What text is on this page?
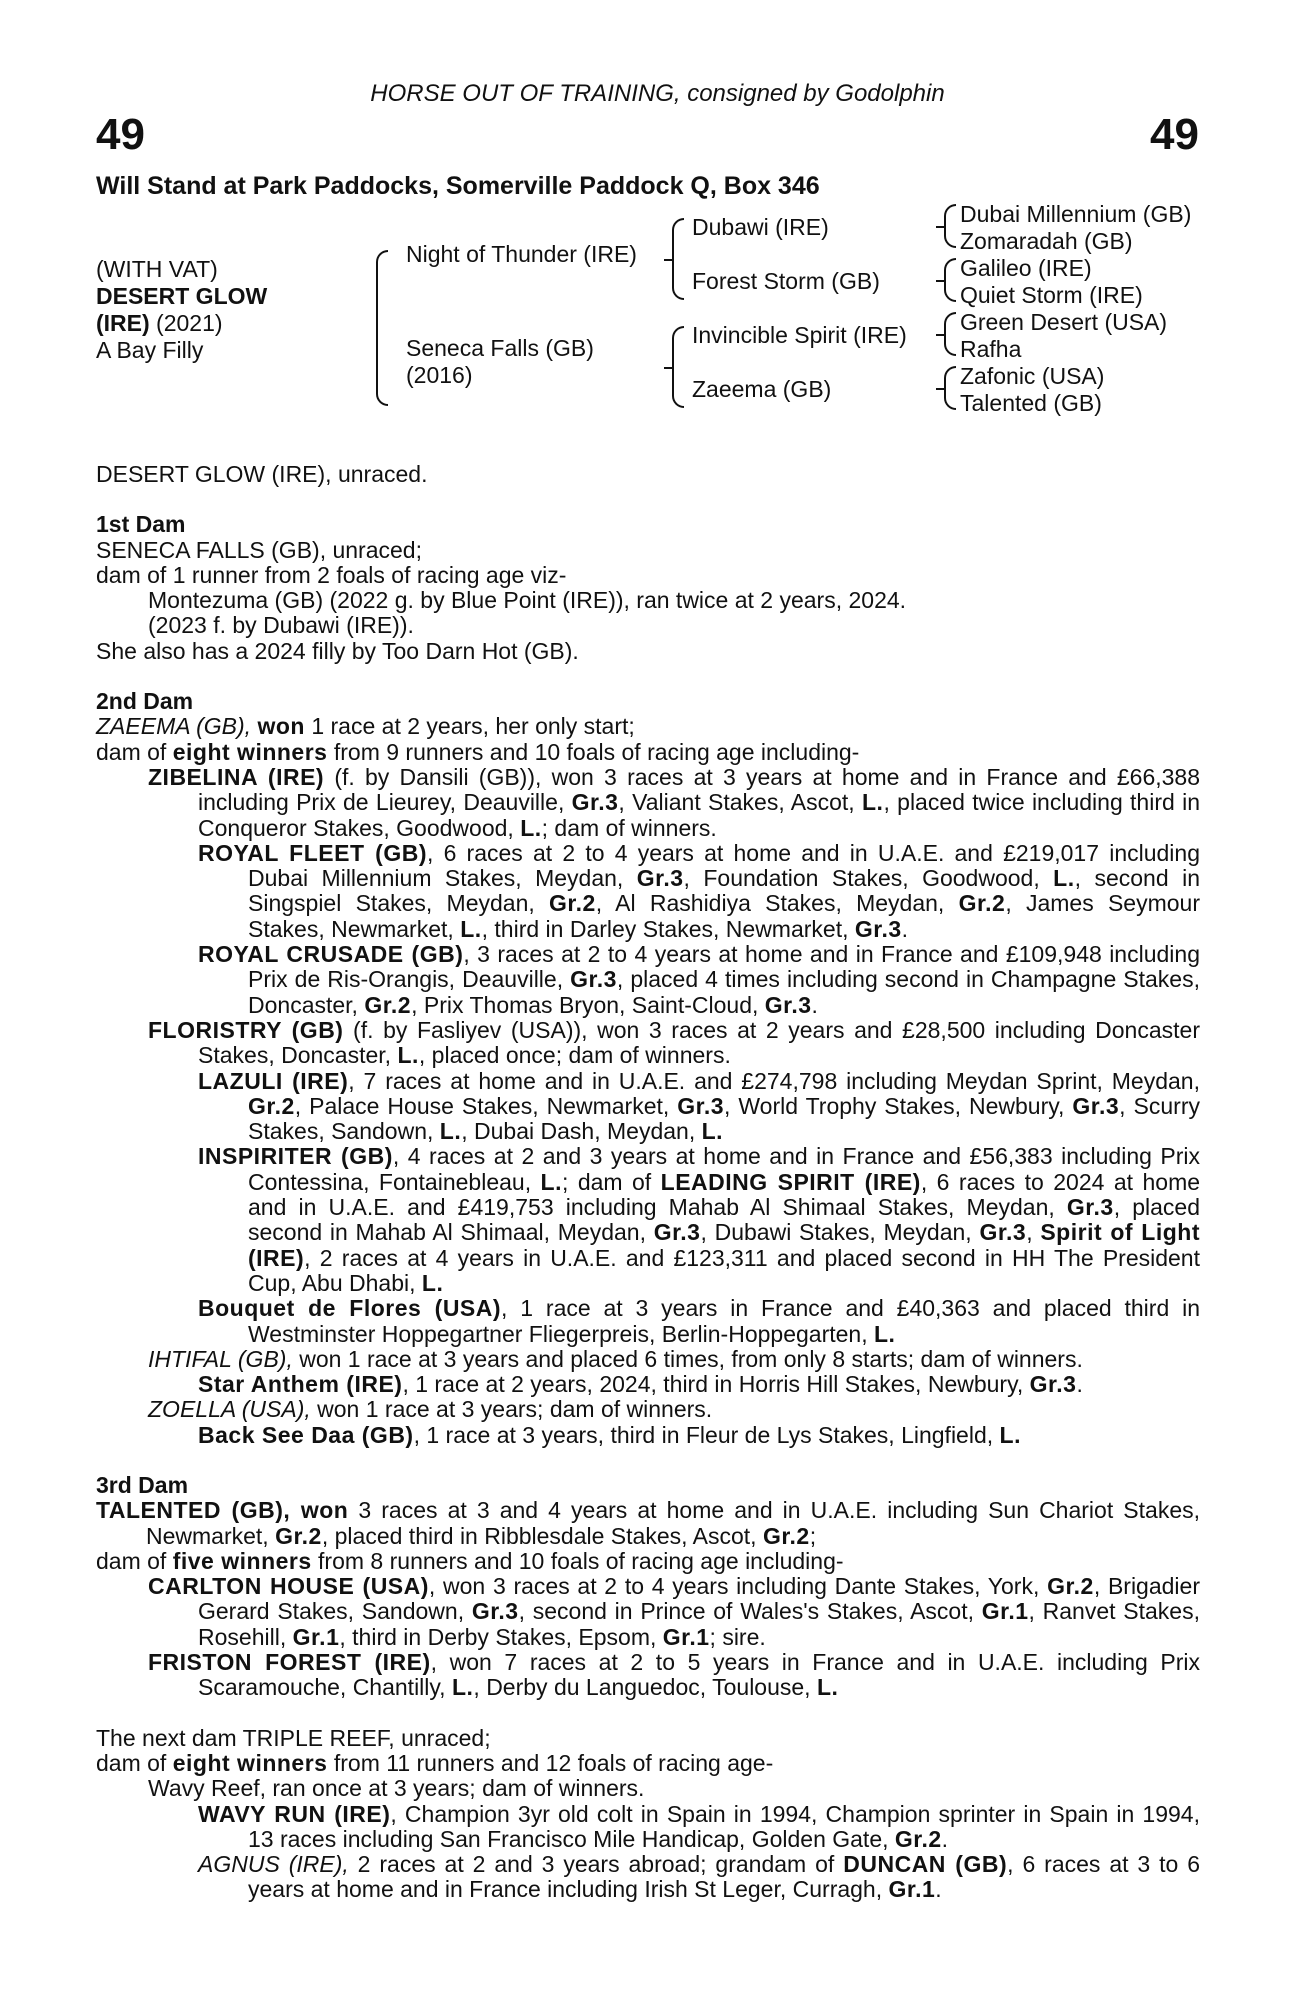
HORSE OUT OF TRAINING, consigned by Godolphin
49	49
Will Stand at Park Paddocks, Somerville Paddock Q, Box 346
(WITH VAT)
DESERT GLOW
(IRE) (2021)
A Bay Filly
Night of Thunder (IRE)
Seneca Falls (GB)
(2016)
Dubawi (IRE)
Forest Storm (GB)
Invincible Spirit (IRE)
Zaeema (GB)
Dubai Millennium (GB)
Zomaradah (GB)
Galileo (IRE)
Quiet Storm (IRE)
Green Desert (USA)
Rafha
Zafonic (USA)
Talented (GB)

DESERT GLOW (IRE), unraced.

1st Dam

SENECA FALLS (GB), unraced;

dam of 1 runner from 2 foals of racing age viz-

Montezuma (GB) (2022 g. by Blue Point (IRE)), ran twice at 2 years, 2024.

(2023 f. by Dubawi (IRE)).

She also has a 2024 filly by Too Darn Hot (GB).

2nd Dam

ZAEEMA (GB), won 1 race at 2 years, her only start;

dam of eight winners from 9 runners and 10 foals of racing age including-

ZIBELINA (IRE) (f. by Dansili (GB)), won 3 races at 3 years at home and in France and £66,388 including Prix de Lieurey, Deauville, Gr.3, Valiant Stakes, Ascot, L., placed twice including third in Conqueror Stakes, Goodwood, L.; dam of winners.

ROYAL FLEET (GB), 6 races at 2 to 4 years at home and in U.A.E. and £219,017 including Dubai Millennium Stakes, Meydan, Gr.3, Foundation Stakes, Goodwood, L., second in Singspiel Stakes, Meydan, Gr.2, Al Rashidiya Stakes, Meydan, Gr.2, James Seymour Stakes, Newmarket, L., third in Darley Stakes, Newmarket, Gr.3.

ROYAL CRUSADE (GB), 3 races at 2 to 4 years at home and in France and £109,948 including Prix de Ris-Orangis, Deauville, Gr.3, placed 4 times including second in Champagne Stakes, Doncaster, Gr.2, Prix Thomas Bryon, Saint-Cloud, Gr.3.

FLORISTRY (GB) (f. by Fasliyev (USA)), won 3 races at 2 years and £28,500 including Doncaster Stakes, Doncaster, L., placed once; dam of winners.

LAZULI (IRE), 7 races at home and in U.A.E. and £274,798 including Meydan Sprint, Meydan, Gr.2, Palace House Stakes, Newmarket, Gr.3, World Trophy Stakes, Newbury, Gr.3, Scurry Stakes, Sandown, L., Dubai Dash, Meydan, L.

INSPIRITER (GB), 4 races at 2 and 3 years at home and in France and £56,383 including Prix Contessina, Fontainebleau, L.; dam of LEADING SPIRIT (IRE), 6 races to 2024 at home and in U.A.E. and £419,753 including Mahab Al Shimaal Stakes, Meydan, Gr.3, placed second in Mahab Al Shimaal, Meydan, Gr.3, Dubawi Stakes, Meydan, Gr.3, Spirit of Light (IRE), 2 races at 4 years in U.A.E. and £123,311 and placed second in HH The President Cup, Abu Dhabi, L.

Bouquet de Flores (USA), 1 race at 3 years in France and £40,363 and placed third in Westminster Hoppegartner Fliegerpreis, Berlin-Hoppegarten, L.

IHTIFAL (GB), won 1 race at 3 years and placed 6 times, from only 8 starts; dam of winners.

Star Anthem (IRE), 1 race at 2 years, 2024, third in Horris Hill Stakes, Newbury, Gr.3.

ZOELLA (USA), won 1 race at 3 years; dam of winners.

Back See Daa (GB), 1 race at 3 years, third in Fleur de Lys Stakes, Lingfield, L.

3rd Dam

TALENTED (GB), won 3 races at 3 and 4 years at home and in U.A.E. including Sun Chariot Stakes, Newmarket, Gr.2, placed third in Ribblesdale Stakes, Ascot, Gr.2;

dam of five winners from 8 runners and 10 foals of racing age including-

CARLTON HOUSE (USA), won 3 races at 2 to 4 years including Dante Stakes, York, Gr.2, Brigadier Gerard Stakes, Sandown, Gr.3, second in Prince of Wales's Stakes, Ascot, Gr.1, Ranvet Stakes, Rosehill, Gr.1, third in Derby Stakes, Epsom, Gr.1; sire.

FRISTON FOREST (IRE), won 7 races at 2 to 5 years in France and in U.A.E. including Prix Scaramouche, Chantilly, L., Derby du Languedoc, Toulouse, L.

The next dam TRIPLE REEF, unraced;

dam of eight winners from 11 runners and 12 foals of racing age-

Wavy Reef, ran once at 3 years; dam of winners.

WAVY RUN (IRE), Champion 3yr old colt in Spain in 1994, Champion sprinter in Spain in 1994, 13 races including San Francisco Mile Handicap, Golden Gate, Gr.2.

AGNUS (IRE), 2 races at 2 and 3 years abroad; grandam of DUNCAN (GB), 6 races at 3 to 6 years at home and in France including Irish St Leger, Curragh, Gr.1.
